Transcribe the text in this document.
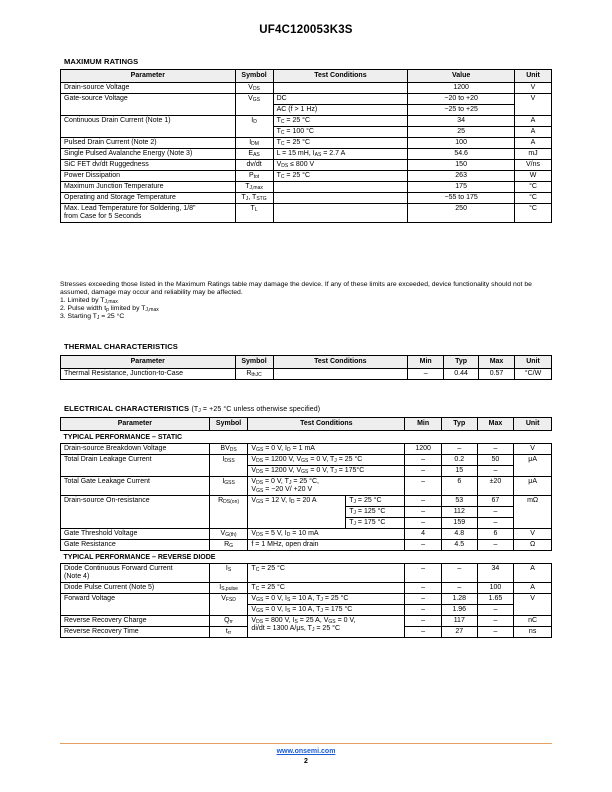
UF4C120053K3S
MAXIMUM RATINGS
Parameter	Symbol	Test Conditions	Value	Unit
Drain-source Voltage	$V_{DS}$		1200	V
Gate-source Voltage	$V_{GS}$	DC	−20 to +20	V
		AC (f > 1 Hz)	−25 to +25	
Continuous Drain Current (Note 1)	$I_D$	$T_C = 25$ °C	34	A
		$T_C = 100$ °C	25	A
Pulsed Drain Current (Note 2)	$I_{DM}$	$T_C = 25$ °C	100	A
Single Pulsed Avalanche Energy (Note 3)	$E_{AS}$	L = 15 mH, $I_{AS} = 2.7$ A	54.6	mJ
SiC FET dv/dt Ruggedness	dv/dt	$V_{DS} \le 800$ V	150	V/ns
Power Dissipation	$P_{tot}$	$T_C = 25$ °C	263	W
Maximum Junction Temperature	$T_{J,max}$		175	°C
Operating and Storage Temperature	$T_J$, $T_{STG}$		−55 to 175	°C
Max. Lead Temperature for Soldering, 1/8"
from Case for 5 Seconds	$T_L$		250	°C
Stresses exceeding those listed in the Maximum Ratings table may damage the device. If any of these limits are exceeded, device functionality should not be assumed, damage may occur and reliability may be affected.
1. Limited by $T_{J,max}$
2. Pulse width $t_p$ limited by $T_{J,max}$
3. Starting $T_J = 25$ °C
THERMAL CHARACTERISTICS
Parameter	Symbol	Test Conditions	Min	Typ	Max	Unit
Thermal Resistance, Junction-to-Case	$R_{thJC}$		–	0.44	0.57	°C/W
ELECTRICAL CHARACTERISTICS ($T_J = +25$ °C unless otherwise specified)
Parameter	Symbol	Test Conditions		Min	Typ	Max	Unit
TYPICAL PERFORMANCE – STATIC							
Drain-source Breakdown Voltage	$BV_{DS}$	$V_{GS} = 0$ V, $I_D = 1$ mA		1200	–	–	V
Total Drain Leakage Current	$I_{DSS}$	$V_{DS} = 1200$ V, $V_{GS} = 0$ V, $T_J = 25$ °C		–	0.2	50	μA
		$V_{DS} = 1200$ V, $V_{GS} = 0$ V, $T_J = 175^\circ C$		–	15	–	
Total Gate Leakage Current	$I_{GSS}$	$V_{DS} = 0$ V, $T_J = 25$ °C,
$V_{GS} = -20$ V/ +20 V		–	6	±20	μA
Drain-source On-resistance	$R_{DS(on)}$	$V_{GS} = 12$ V, $I_D = 20$ A	$T_J = 25$ °C	–	53	67	mΩ
			$T_J = 125$ °C	–	112	–	
			$T_J = 175$ °C	–	159	–	
Gate Threshold Voltage	$V_{G(th)}$	$V_{DS} = 5$ V, $I_D = 10$ mA		4	4.8	6	V
Gate Resistance	$R_G$	f = 1 MHz, open drain		–	4.5	–	Ω
TYPICAL PERFORMANCE – REVERSE DIODE							
Diode Continuous Forward Current
(Note 4)	$I_S$	$T_C = 25$ °C		–	–	34	A
Diode Pulse Current (Note 5)	$I_{S,pulse}$	$T_C = 25$ °C		–	–	100	A
Forward Voltage	$V_{FSD}$	$V_{GS} = 0$ V, $I_S = 10$ A, $T_J = 25$ °C		–	1.28	1.65	V
		$V_{GS} = 0$ V, $I_S = 10$ A, $T_J = 175$ °C		–	1.96	–	
Reverse Recovery Charge	$Q_{rr}$	$V_{DS} = 800$ V, $I_S = 25$ A, $V_{GS} = 0$ V,
di/dt = 1300 A/μs, $T_J = 25$ °C		–	117	–	nC
Reverse Recovery Time	$t_{rr}$			–	27	–	ns
www.onsemi.com
2
